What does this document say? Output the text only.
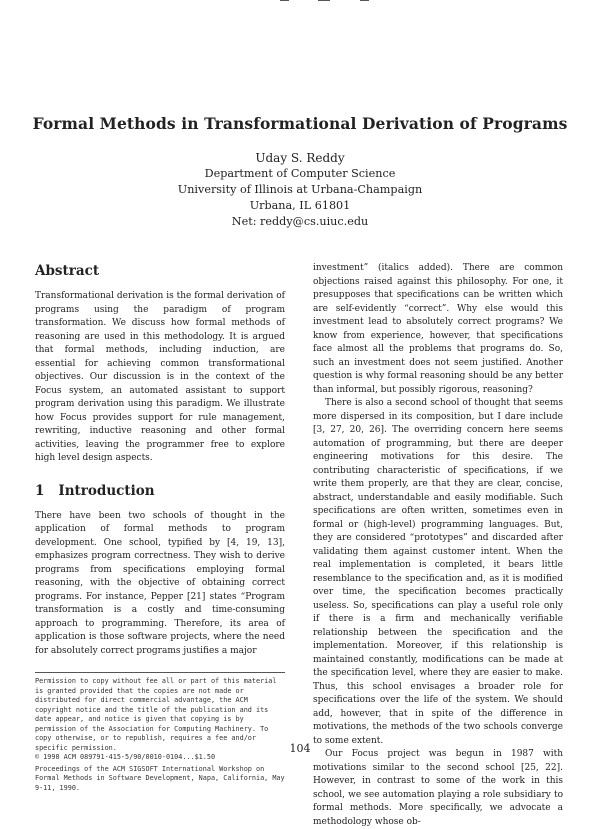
Formal Methods in Transformational Derivation of Programs
Uday S. Reddy
Department of Computer Science
University of Illinois at Urbana-Champaign
Urbana, IL 61801
Net: reddy@cs.uiuc.edu
Abstract

Transformational derivation is the formal derivation of programs using the paradigm of program transformation. We discuss how formal methods of reasoning are used in this methodology. It is argued that formal methods, including induction, are essential for achieving common transformational objectives. Our discussion is in the context of the Focus system, an automated assistant to support program derivation using this paradigm. We illustrate how Focus provides support for rule management, rewriting, inductive reasoning and other formal activities, leaving the programmer free to explore high level design aspects.

1 Introduction

There have been two schools of thought in the application of formal methods to program development. One school, typified by [4, 19, 13], emphasizes program correctness. They wish to derive programs from specifications employing formal reasoning, with the objective of obtaining correct programs. For instance, Pepper [21] states “Program transformation is a costly and time-consuming approach to programming. Therefore, its area of application is those software projects, where the need for absolutely correct programs justifies a major

Permission to copy without fee all or part of this material is granted provided that the copies are not made or distributed for direct commercial advantage, the ACM copyright notice and the title of the publication and its date appear, and notice is given that copying is by permission of the Association for Computing Machinery. To copy otherwise, or to republish, requires a fee and/or specific permission.
© 1990 ACM 089791-415-5/90/0010-0104...$1.50
Proceedings of the ACM SIGSOFT International Workshop on Formal Methods in Software Development, Napa, California, May 9-11, 1990.

investment” (italics added). There are common objections raised against this philosophy. For one, it presupposes that specifications can be written which are self-evidently “correct”. Why else would this investment lead to absolutely correct programs? We know from experience, however, that specifications face almost all the problems that programs do. So, such an investment does not seem justified. Another question is why formal reasoning should be any better than informal, but possibly rigorous, reasoning?

There is also a second school of thought that seems more dispersed in its composition, but I dare include [3, 27, 20, 26]. The overriding concern here seems automation of programming, but there are deeper engineering motivations for this desire. The contributing characteristic of specifications, if we write them properly, are that they are clear, concise, abstract, understandable and easily modifiable. Such specifications are often written, sometimes even in formal or (high-level) programming languages. But, they are considered “prototypes” and discarded after validating them against customer intent. When the real implementation is completed, it bears little resemblance to the specification and, as it is modified over time, the specification becomes practically useless. So, specifications can play a useful role only if there is a firm and mechanically verifiable relationship between the specification and the implementation. Moreover, if this relationship is maintained constantly, modifications can be made at the specification level, where they are easier to make. Thus, this school envisages a broader role for specifications over the life of the system. We should add, however, that in spite of the difference in motivations, the methods of the two schools converge to some extent.

Our Focus project was begun in 1987 with motivations similar to the second school [25, 22]. However, in contrast to some of the work in this school, we see automation playing a role subsidiary to formal methods. More specifically, we advocate a methodology whose ob-

104
